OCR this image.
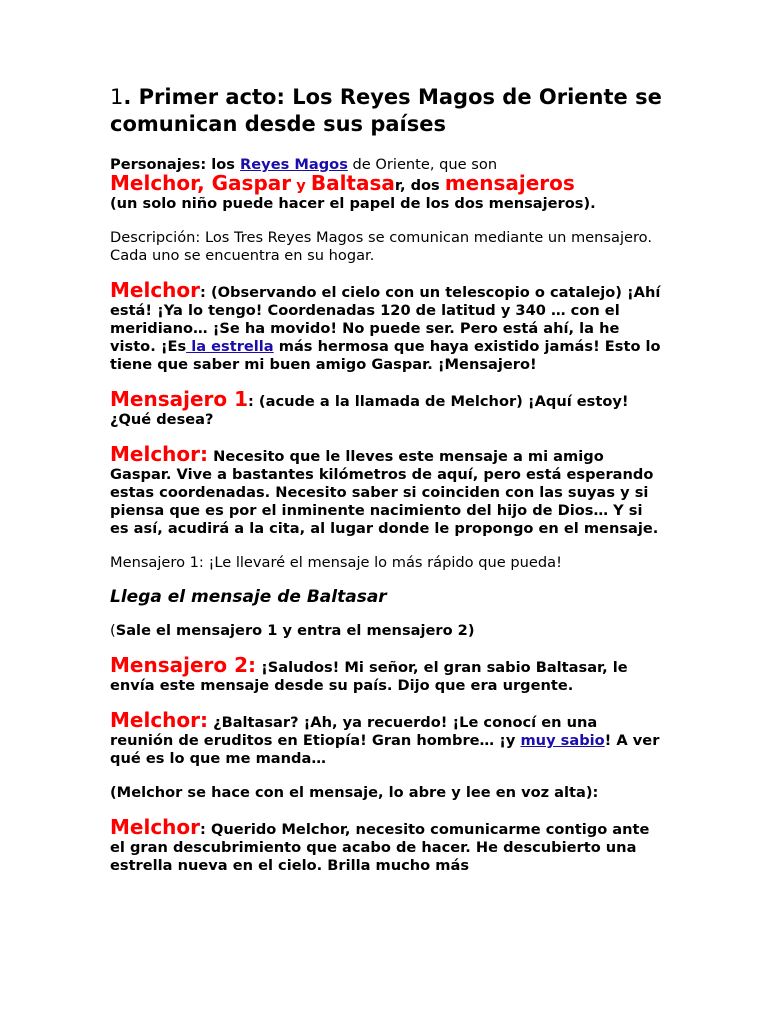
1. Primer acto: Los Reyes Magos de Oriente se comunican desde sus países
Personajes: los Reyes Magos de Oriente, que son
Melchor, Gaspar y Baltasar, dos mensajeros
(un solo niño puede hacer el papel de los dos mensajeros).

Descripción: Los Tres Reyes Magos se comunican mediante un mensajero. Cada uno se encuentra en su hogar.

Melchor: (Observando el cielo con un telescopio o catalejo) ¡Ahí está! ¡Ya lo tengo! Coordenadas 120 de latitud y 340 … con el meridiano… ¡Se ha movido! No puede ser. Pero está ahí, la he visto. ¡Es la estrella más hermosa que haya existido jamás! Esto lo tiene que saber mi buen amigo Gaspar. ¡Mensajero!
Mensajero 1: (acude a la llamada de Melchor) ¡Aquí estoy! ¿Qué desea?
Melchor: Necesito que le lleves este mensaje a mi amigo Gaspar. Vive a bastantes kilómetros de aquí, pero está esperando estas coordenadas. Necesito saber si coinciden con las suyas y si piensa que es por el inminente nacimiento del hijo de Dios… Y si es así, acudirá a la cita, al lugar donde le propongo en el mensaje.

Mensajero 1: ¡Le llevaré el mensaje lo más rápido que pueda!

Llega el mensaje de Baltasar

(Sale el mensajero 1 y entra el mensajero 2)
Mensajero 2: ¡Saludos! Mi señor, el gran sabio Baltasar, le envía este mensaje desde su país. Dijo que era urgente.
Melchor: ¿Baltasar? ¡Ah, ya recuerdo! ¡Le conocí en una reunión de eruditos en Etiopía! Gran hombre… ¡y muy sabio! A ver qué es lo que me manda…

(Melchor se hace con el mensaje, lo abre y lee en voz alta):

Melchor: Querido Melchor, necesito comunicarme contigo ante el gran descubrimiento que acabo de hacer. He descubierto una estrella nueva en el cielo. Brilla mucho más
